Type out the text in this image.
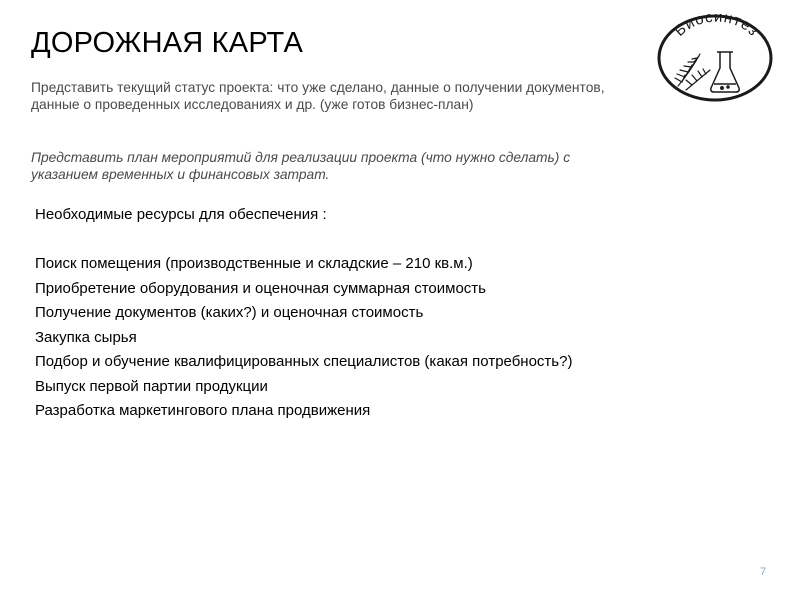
ДОРОЖНАЯ КАРТА

Представить текущий статус проекта: что уже сделано, данные о получении документов, данные о проведенных исследованиях и др. (уже готов бизнес-план)

Представить план мероприятий для реализации проекта (что нужно сделать) с указанием временных и финансовых затрат.

Необходимые ресурсы для обеспечения :
Поиск помещения (производственные и складские – 210 кв.м.)
Приобретение оборудования и оценочная суммарная стоимость
Получение документов (каких?) и оценочная стоимость
Закупка сырья
Подбор и обучение квалифицированных специалистов (какая потребность?)
Выпуск первой партии продукции
Разработка маркетингового плана продвижения
Биосинтез
7
